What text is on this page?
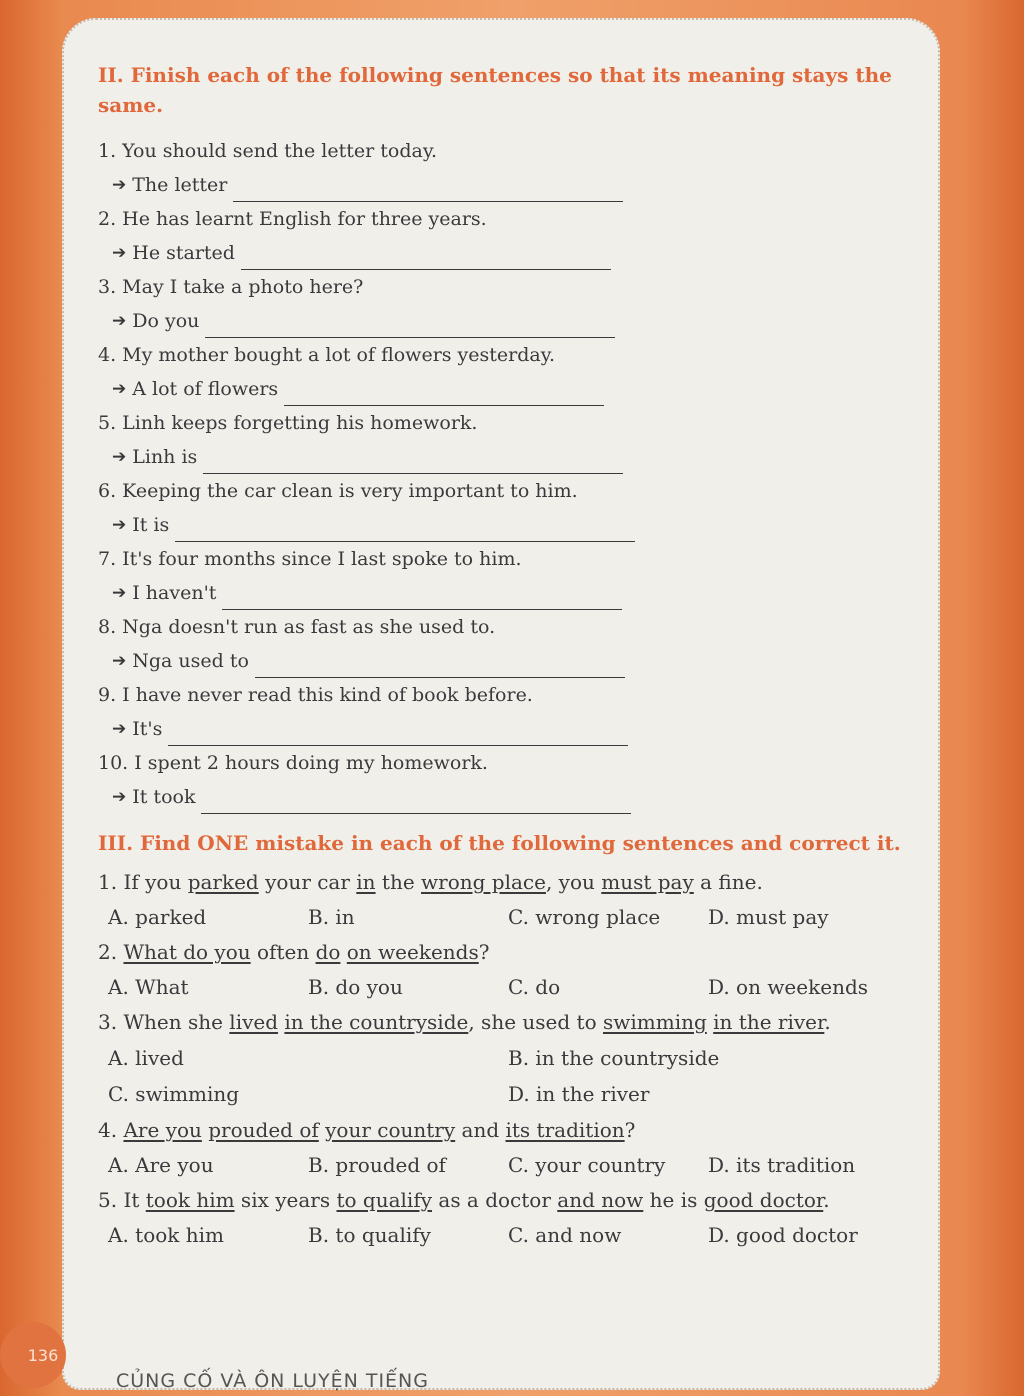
II. Finish each of the following sentences so that its meaning stays the same.

1. You should send the letter today.
➔ The letter
2. He has learnt English for three years.
➔ He started
3. May I take a photo here?
➔ Do you
4. My mother bought a lot of flowers yesterday.
➔ A lot of flowers
5. Linh keeps forgetting his homework.
➔ Linh is
6. Keeping the car clean is very important to him.
➔ It is
7. It's four months since I last spoke to him.
➔ I haven't
8. Nga doesn't run as fast as she used to.
➔ Nga used to
9. I have never read this kind of book before.
➔ It's
10. I spent 2 hours doing my homework.
➔ It took

III. Find ONE mistake in each of the following sentences and correct it.

1. If you parked your car in the wrong place, you must pay a fine.
A. parked	B. in	C. wrong place	D. must pay
2. What do you often do on weekends?
A. What	B. do you	C. do	D. on weekends
3. When she lived in the countryside, she used to swimming in the river.
A. lived	B. in the countryside
C. swimming	D. in the river
4. Are you prouded of your country and its tradition?
A. Are you	B. prouded of	C. your country	D. its tradition
5. It took him six years to qualify as a doctor and now he is good doctor.
A. took him	B. to qualify	C. and now	D. good doctor
136
CỦNG CỐ VÀ ÔN LUYỆN TIẾNG
